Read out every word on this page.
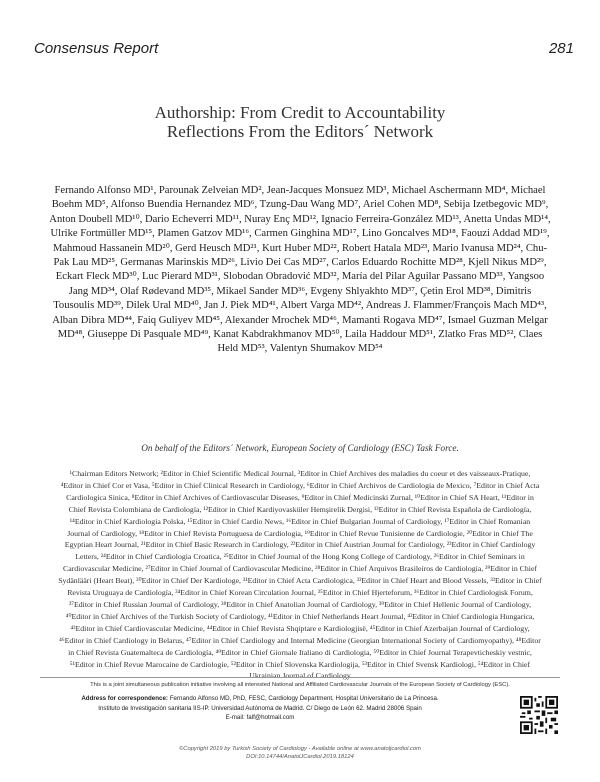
Consensus Report	281
Authorship: From Credit to Accountability
Reflections From the Editors´ Network
Fernando Alfonso MD¹, Parounak Zelveian MD², Jean-Jacques Monsuez MD³, Michael Aschermann MD⁴, Michael Boehm MD⁵, Alfonso Buendia Hernandez MD⁶, Tzung-Dau Wang MD⁷, Ariel Cohen MD⁸, Sebija Izetbegovic MD⁹, Anton Doubell MD¹⁰, Dario Echeverri MD¹¹, Nuray Enç MD¹², Ignacio Ferreira-González MD¹³, Anetta Undas MD¹⁴, Ulrike Fortmüller MD¹⁵, Plamen Gatzov MD¹⁶, Carmen Ginghina MD¹⁷, Lino Goncalves MD¹⁸, Faouzi Addad MD¹⁹, Mahmoud Hassanein MD²⁰, Gerd Heusch MD²¹, Kurt Huber MD²², Robert Hatala MD²³, Mario Ivanusa MD²⁴, Chu-Pak Lau MD²⁵, Germanas Marinskis MD²⁶, Livio Dei Cas MD²⁷, Carlos Eduardo Rochitte MD²⁸, Kjell Nikus MD²⁹, Eckart Fleck MD³⁰, Luc Pierard MD³¹, Slobodan Obradović MD³², María del Pilar Aguilar Passano MD³³, Yangsoo Jang MD³⁴, Olaf Rødevand MD³⁵, Mikael Sander MD³⁶, Evgeny Shlyakhto MD³⁷, Çetin Erol MD³⁸, Dimitris Tousoulis MD³⁹, Dilek Ural MD⁴⁰, Jan J. Piek MD⁴¹, Albert Varga MD⁴², Andreas J. Flammer/François Mach MD⁴³, Alban Dibra MD⁴⁴, Faiq Guliyev MD⁴⁵, Alexander Mrochek MD⁴⁶, Mamanti Rogava MD⁴⁷, Ismael Guzman Melgar MD⁴⁸, Giuseppe Di Pasquale MD⁴⁹, Kanat Kabdrakhmanov MD⁵⁰, Laila Haddour MD⁵¹, Zlatko Fras MD⁵², Claes Held MD⁵³, Valentyn Shumakov MD⁵⁴
On behalf of the Editors´ Network, European Society of Cardiology (ESC) Task Force.
¹Chairman Editors Network; ²Editor in Chief Scientific Medical Journal, ³Editor in Chief Archives des maladies du coeur et des vaisseaux-Pratique, ⁴Editor in Chief Cor et Vasa, ⁵Editor in Chief Clinical Research in Cardiology, ⁶Editor in Chief Archivos de Cardiologia de Mexico, ⁷Editor in Chief Acta Cardiologica Sinica, ⁸Editor in Chief Archives of Cardiovascular Diseases, ⁹Editor in Chief Medicinski Zurnal, ¹⁰Editor in Chief SA Heart, ¹¹Editor in Chief Revista Colombiana de Cardiología, ¹²Editor in Chief Kardiyovasküler Hemşirelik Dergisi, ¹³Editor in Chief Revista Española de Cardiología, ¹⁴Editor in Chief Kardiologia Polska, ¹⁵Editor in Chief Cardio News, ¹⁶Editor in Chief Bulgarian Journal of Cardiology, ¹⁷Editor in Chief Romanian Journal of Cardiology, ¹⁸Editor in Chief Revista Portuguesa de Cardiologia, ¹⁹Editor in Chief Revue Tunisienne de Cardiologie, ²⁰Editor in Chief The Egyptian Heart Journal, ²¹Editor in Chief Basic Research in Cardiology, ²²Editor in Chief Austrian Journal for Cardiology, ²³Editor in Chief Cardiology Letters, ²⁴Editor in Chief Cardiologia Croatica, ²⁵Editor in Chief Journal of the Hong Kong College of Cardiology, ²⁶Editor in Chief Seminars in Cardiovascular Medicine, ²⁷Editor in Chief Journal of Cardiovascular Medicine, ²⁸Editor in Chief Arquivos Brasileiros de Cardiologia, ²⁹Editor in Chief Sydänlääri (Heart Beat), ³⁰Editor in Chief Der Kardiologe, ³¹Editor in Chief Acta Cardiologica, ³²Editor in Chief Heart and Blood Vessels, ³³Editor in Chief Revista Uruguaya de Cardiología, ³⁴Editor in Chief Korean Circulation Journal, ³⁵Editor in Chief Hjerteforum, ³⁶Editor in Chief Cardiologisk Forum, ³⁷Editor in Chief Russian Journal of Cardiology, ³⁸Editor in Chief Anatolian Journal of Cardiology, ³⁹Editor in Chief Hellenic Journal of Cardiology, ⁴⁰Editor in Chief Archives of the Turkish Society of Cardiology, ⁴¹Editor in Chief Netherlands Heart Journal, ⁴²Editor in Chief Cardiologia Hungarica, ⁴³Editor in Chief Cardiovascular Medicine, ⁴⁴Editor in Chief Revista Shqiptare e Kardiologjisë, ⁴⁵Editor in Chief Azerbaijan Journal of Cardiology, ⁴⁶Editor in Chief Cardiology in Belarus, ⁴⁷Editor in Chief Cardiology and Internal Medicine (Georgian International Society of Cardiomyopathy), ⁴⁸Editor in Chief Revista Guatemalteca de Cardiología, ⁴⁹Editor in Chief Giornale Italiano di Cardiologia, ⁵⁰Editor in Chief Journal Terapevticheskiy vestnic, ⁵¹Editor in Chief Revue Marocaine de Cardiologie, ⁵²Editor in Chief Slovenska Kardiologija, ⁵³Editor in Chief Svensk Kardiologi, ⁵⁴Editor in Chief Ukrainian Journal of Cardiology
This is a joint simultaneous publication initiative involving all interested National and Affiliated Cardiovascular Journals of the European Society of Cardiology (ESC).
Address for correspondence: Fernando Alfonso MD, PhD, FESC, Cardiology Department, Hospital Universitario de La Princesa.
Instituto de Investigación sanitaria IIS-IP. Universidad Autónoma de Madrid. C/ Diego de León 62. Madrid 28006 Spain
E-mail: falf@hotmail.com
©Copyright 2019 by Turkish Society of Cardiology - Available online at www.anatoljcardiol.com
DOI:10.14744/AnatolJCardiol.2019.18124
